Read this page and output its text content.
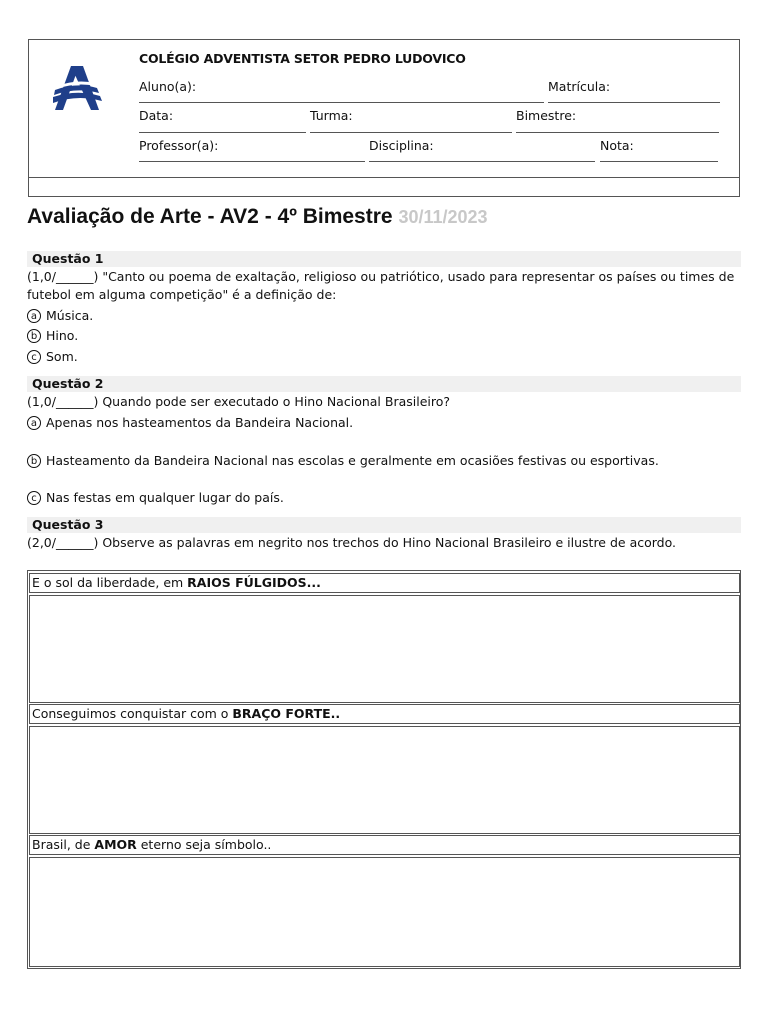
COLÉGIO ADVENTISTA SETOR PEDRO LUDOVICO
Aluno(a):	Matrícula:
Data:	Turma:	Bimestre:
Professor(a):	Disciplina:	Nota:
Avaliação de Arte - AV2 - 4º Bimestre 30/11/2023
Questão 1
(1,0/______) "Canto ou poema de exaltação, religioso ou patriótico, usado para representar os países ou times de
futebol em alguma competição" é a definição de:
a Música.
b Hino.
c Som.
Questão 2
(1,0/______) Quando pode ser executado o Hino Nacional Brasileiro?
a Apenas nos hasteamentos da Bandeira Nacional.
b Hasteamento da Bandeira Nacional nas escolas e geralmente em ocasiões festivas ou esportivas.
c Nas festas em qualquer lugar do país.
Questão 3
(2,0/______) Observe as palavras em negrito nos trechos do Hino Nacional Brasileiro e ilustre de acordo.
E o sol da liberdade, em RAIOS FÚLGIDOS...
Conseguimos conquistar com o BRAÇO FORTE..
Brasil, de AMOR eterno seja símbolo..
